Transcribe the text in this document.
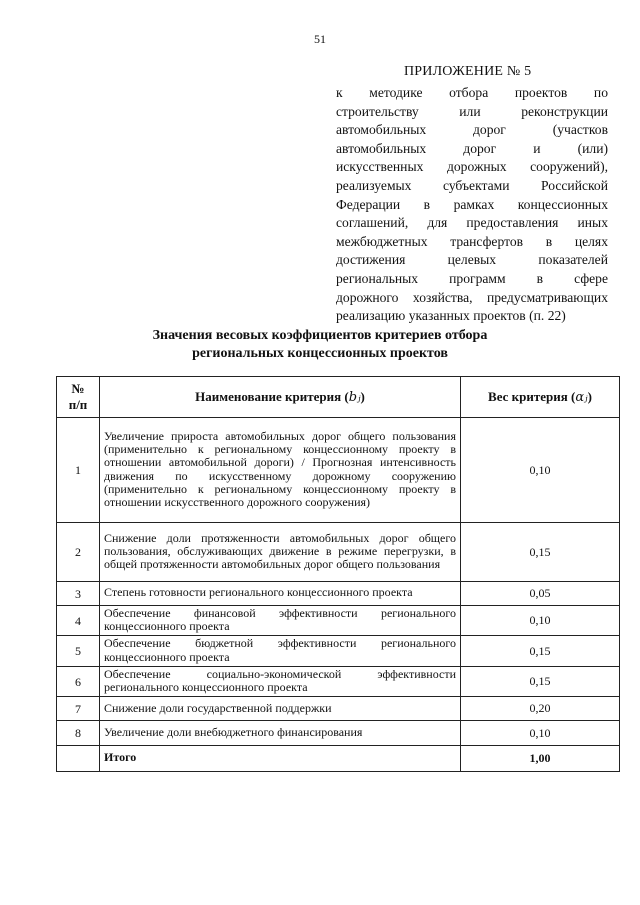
51
ПРИЛОЖЕНИЕ № 5
к методике отбора проектов по
строительству или реконструкции
автомобильных дорог (участков
автомобильных дорог и (или)
искусственных дорожных сооружений),
реализуемых субъектами Российской
Федерации в рамках концессионных
соглашений, для предоставления иных
межбюджетных трансфертов в целях
достижения целевых показателей
региональных программ в сфере
дорожного хозяйства, предусматривающих
реализацию указанных проектов (п. 22)
Значения весовых коэффициентов критериев отбора
региональных концессионных проектов
№
п/п	Наименование критерия (bⱼ)	Вес критерия (αⱼ)
1	Увеличение прироста автомобильных дорог общего пользования (применительно к региональному концессионному проекту в отношении автомобильной дороги) / Прогнозная интенсивность движения по искусственному дорожному сооружению (применительно к региональному концессионному проекту в отношении искусственного дорожного сооружения)	0,10
2	Снижение доли протяженности автомобильных дорог общего пользования, обслуживающих движение в режиме перегрузки, в общей протяженности автомобильных дорог общего пользования	0,15
3	Степень готовности регионального концессионного проекта	0,05
4	Обеспечение финансовой эффективности регионального концессионного проекта	0,10
5	Обеспечение бюджетной эффективности регионального концессионного проекта	0,15
6	Обеспечение социально-экономической эффективности регионального концессионного проекта	0,15
7	Снижение доли государственной поддержки	0,20
8	Увеличение доли внебюджетного финансирования	0,10
	Итого	1,00
